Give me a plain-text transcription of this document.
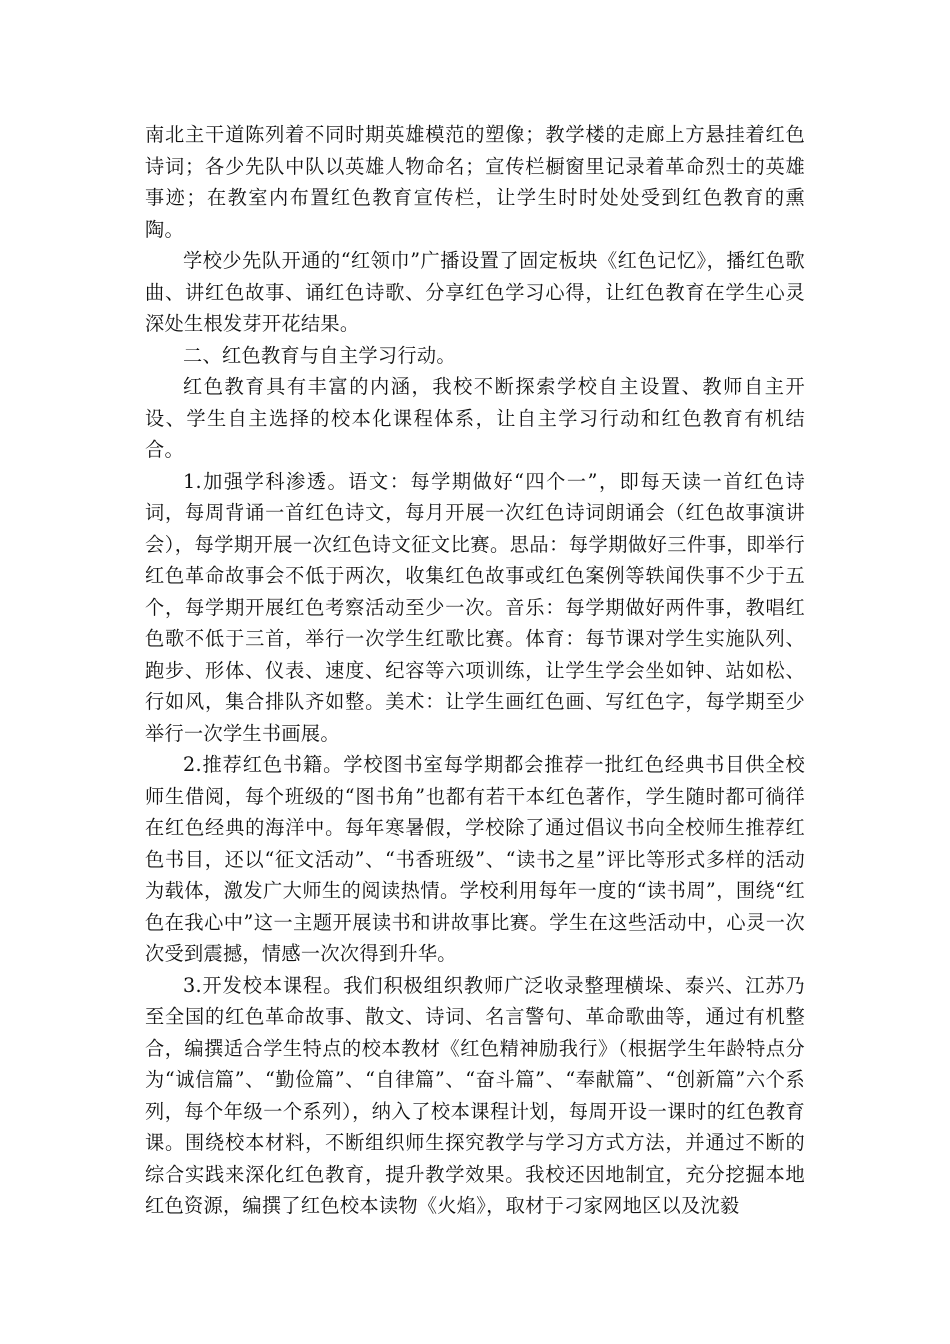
南北主干道陈列着不同时期英雄模范的塑像；教学楼的走廊上方悬挂着红色诗词；各少先队中队以英雄人物命名；宣传栏橱窗里记录着革命烈士的英雄事迹；在教室内布置红色教育宣传栏，让学生时时处处受到红色教育的熏陶。

学校少先队开通的“红领巾”广播设置了固定板块《红色记忆》，播红色歌曲、讲红色故事、诵红色诗歌、分享红色学习心得，让红色教育在学生心灵深处生根发芽开花结果。

二、红色教育与自主学习行动。

红色教育具有丰富的内涵，我校不断探索学校自主设置、教师自主开设、学生自主选择的校本化课程体系，让自主学习行动和红色教育有机结合。

1.加强学科渗透。语文：每学期做好“四个一”，即每天读一首红色诗词，每周背诵一首红色诗文，每月开展一次红色诗词朗诵会（红色故事演讲会），每学期开展一次红色诗文征文比赛。思品：每学期做好三件事，即举行红色革命故事会不低于两次，收集红色故事或红色案例等轶闻佚事不少于五个，每学期开展红色考察活动至少一次。音乐：每学期做好两件事，教唱红色歌不低于三首，举行一次学生红歌比赛。体育：每节课对学生实施队列、跑步、形体、仪表、速度、纪容等六项训练，让学生学会坐如钟、站如松、行如风，集合排队齐如整。美术：让学生画红色画、写红色字，每学期至少举行一次学生书画展。

2.推荐红色书籍。学校图书室每学期都会推荐一批红色经典书目供全校师生借阅，每个班级的“图书角”也都有若干本红色著作，学生随时都可徜徉在红色经典的海洋中。每年寒暑假，学校除了通过倡议书向全校师生推荐红色书目，还以“征文活动”、“书香班级”、“读书之星”评比等形式多样的活动为载体，激发广大师生的阅读热情。学校利用每年一度的“读书周”，围绕“红色在我心中”这一主题开展读书和讲故事比赛。学生在这些活动中，心灵一次次受到震撼，情感一次次得到升华。

3.开发校本课程。我们积极组织教师广泛收录整理横垛、泰兴、江苏乃至全国的红色革命故事、散文、诗词、名言警句、革命歌曲等，通过有机整合，编撰适合学生特点的校本教材《红色精神励我行》（根据学生年龄特点分为“诚信篇”、“勤俭篇”、“自律篇”、“奋斗篇”、“奉献篇”、“创新篇”六个系列，每个年级一个系列），纳入了校本课程计划，每周开设一课时的红色教育课。围绕校本材料，不断组织师生探究教学与学习方式方法，并通过不断的综合实践来深化红色教育，提升教学效果。我校还因地制宜，充分挖掘本地红色资源，编撰了红色校本读物《火焰》，取材于刁家网地区以及沈毅
